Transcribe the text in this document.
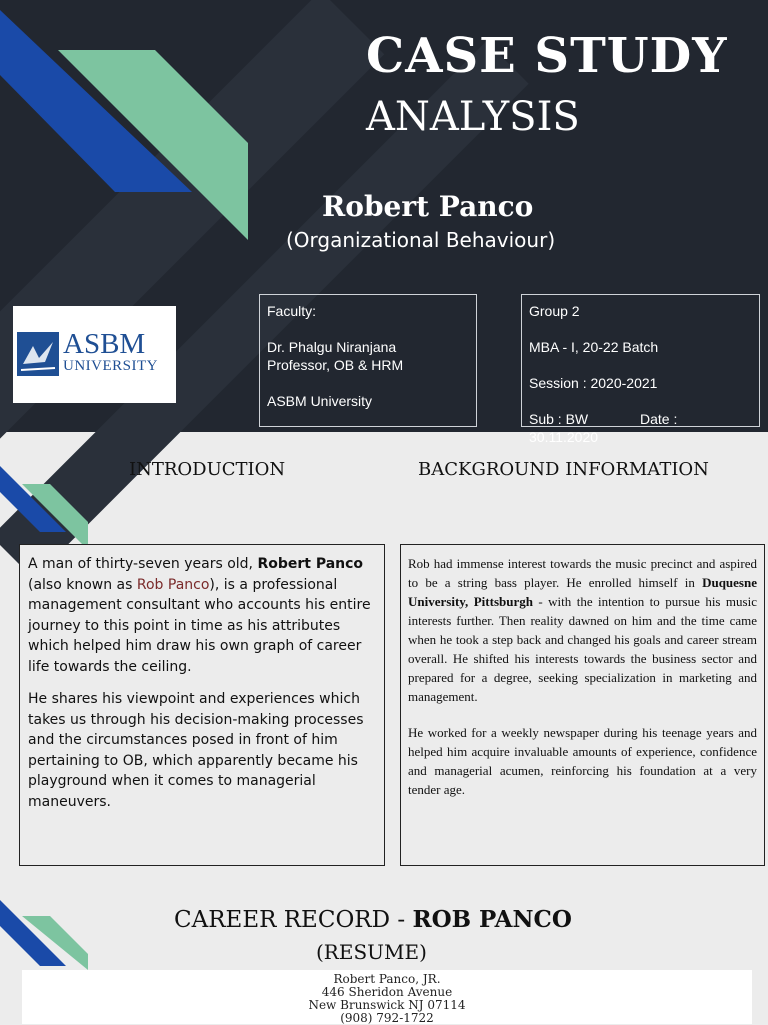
CASE STUDY
ANALYSIS
Robert Panco
(Organizational Behaviour)
ASBM
UNIVERSITY
Faculty:
Dr. Phalgu Niranjana
Professor, OB & HRM
ASBM University
Group 2
MBA - I, 20-22 Batch
Session : 2020-2021
Sub : BW	Date :
30.11.2020
INTRODUCTION	BACKGROUND INFORMATION

A man of thirty-seven years old, Robert Panco (also known as Rob Panco), is a professional management consultant who accounts his entire journey to this point in time as his attributes which helped him draw his own graph of career life towards the ceiling.

He shares his viewpoint and experiences which takes us through his decision-making processes and the circumstances posed in front of him pertaining to OB, which apparently became his playground when it comes to managerial maneuvers.

Rob had immense interest towards the music precinct and aspired to be a string bass player. He enrolled himself in Duquesne University, Pittsburgh - with the intention to pursue his music interests further. Then reality dawned on him and the time came when he took a step back and changed his goals and career stream overall. He shifted his interests towards the business sector and prepared for a degree, seeking specialization in marketing and management.

He worked for a weekly newspaper during his teenage years and helped him acquire invaluable amounts of experience, confidence and managerial acumen, reinforcing his foundation at a very tender age.

CAREER RECORD - ROB PANCO
(RESUME)
Robert Panco, JR.
446 Sheridon Avenue
New Brunswick NJ 07114
(908) 792-1722
